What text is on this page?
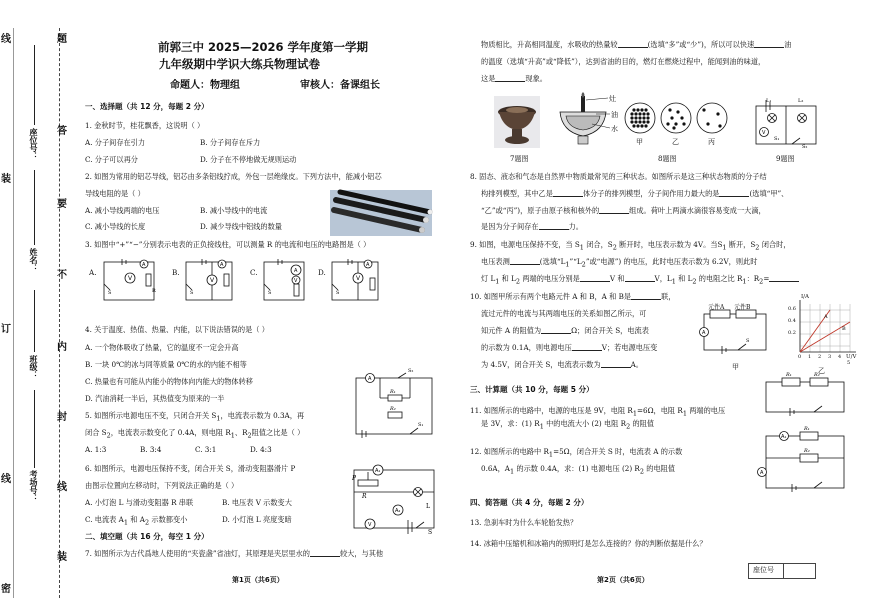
考场号：
班级：
姓名：
座位号：
题
答
要
不
内
封
线
装
密
线
装
订
线
前郭三中 2025—2026 学年度第一学期
九年级期中学识大练兵物理试卷
命题人：物理组	审核人：备课组长
一、选择题（共 12 分，每题 2 分）
1. 金秋时节，桂花飘香，这说明（ ）
A. 分子间存在引力	B. 分子间存在斥力
C. 分子可以再分	D. 分子在不停地做无规则运动
2. 如图为常用的铝芯导线，铝芯由多条铝线拧成，外包一层绝缘皮。下列方法中，能减小铝芯
导线电阻的是（ ）
A. 减小导线两端的电压	B. 减小导线中的电流
C. 减小导线的长度	D. 减少导线中铝线的数量
3. 如图中“+”“−”分别表示电表的正负接线柱，可以测量 R 的电流和电压的电路图是（ ）
A.	B.	C.	D.
V
A
S	R
V
A
S
A
V
S
V
A
S
4. 关于温度、热值、热量、内能，以下说法错误的是（ ）
A. 一个物体吸收了热量，它的温度不一定会升高
B. 一块 0℃的冰与同等质量 0℃的水的内能不相等
C. 热量也有可能从内能小的物体向内能大的物体转移
D. 汽油消耗一半后，其热值变为原来的一半
A
R₁
R₂
S₂
S₁
5. 如图所示电源电压不变，只闭合开关 $S_1$，电流表示数为 0.3A，再
闭合 $S_2$，电流表示数变化了 0.4A，则电阻 $R_1$、$R_2$阻值之比是（ ）
A. 1:3	B. 3:4	C. 3:1	D. 4:3
6. 如图所示，电源电压保持不变，闭合开关 S，滑动变阻器滑片 P
由图示位置向左移动时，下列说法正确的是（ ）
A. 小灯泡 L 与滑动变阻器 R 串联	B. 电压表 V 示数变大
C. 电流表 $A_1$ 和 $A_2$ 示数都变小	D. 小灯泡 L 亮度变暗
A₁
A₂
V
P
R
L
S
二、填空题（共 16 分，每空 1 分）
7. 如图所示为古代爲地人使用的“夹瓷盏”省油灯，其原理是夹层里水的	较大，与其他
第1页（共6页）
物质相比，升高相同温度，水吸收的热量较	(选填“多”或“少”)，所以可以快速	油
的温度（选填“升高”或“降低”），达到省油的目的，燃灯在燃烧过程中，能闻到油的味道，
这是	现象。
灶
油
水
甲	乙	丙
V
L₁	L₂
S₁
S₂
7题图	8题图	9题图
8. 固态、液态和气态是自然界中物质最常见的三种状态。如图所示是这三种状态物质的分子结
构排列模型，其中乙是	体分子的排列模型，分子间作用力最大的是	(选填“甲”、
“乙”或“丙”)，原子由原子核和核外的	组成。荷叶上两滴水滴很容易变成一大滴，
是因为分子间存在	力。
9. 如图，电源电压保持不变，当 $S_1$ 闭合，$S_2$ 断开时，电压表示数为 4V。当$S_1$ 断开，$S_2$ 闭合时，
电压表测	(选填“$L_1”“L_2$”或“电源”) 的电压，此时电压表示数为 6.2V，则此时
灯 $L_1$ 和 $L_2$ 两端的电压分别是	V 和	V，$L_1$ 和 $L_2$ 的电阻之比 $R_1$：$R_2=$
10. 如图甲所示有两个电路元件 A 和 B，A 和 B是	联，
流过元件的电流与其两端电压的关系如图乙所示，可
知元件 A 的阻值为	Ω；闭合开关 S，电流表
的示数为 0.1A，则电源电压	V；若电源电压变
为 4.5V，闭合开关 S，电流表示数为	A。
A
S
元件A 元件B
甲
A
B
I/A
U/V
0.6
0.4
0.2
0 1 2 3 4
5
乙
三、计算题（共 10 分，每题 5 分）
11. 如图所示的电路中，电源的电压是 9V，电阻 $R_1=6\Omega$，电阻 $R_1$ 两端的电压
是 3V，求：(1) $R_1$ 中的电流大小 (2) 电阻 $R_2$ 的阻值
R₁	R₂
12. 如图所示的电路中 $R_1=5\Omega$，闭合开关 S 时，电流表 A 的示数
0.6A，$A_1$ 的示数 0.4A，求：(1) 电源电压 (2) $R_2$ 的电阻值
A₁
A
R₁
R₂
四、简答题（共 4 分，每题 2 分）
13. 急刹车时为什么车轮胎发热？
14. 冰箱中压缩机和冰箱内的照明灯是怎么连接的？你的判断依据是什么？
第2页（共6页）
座位号
